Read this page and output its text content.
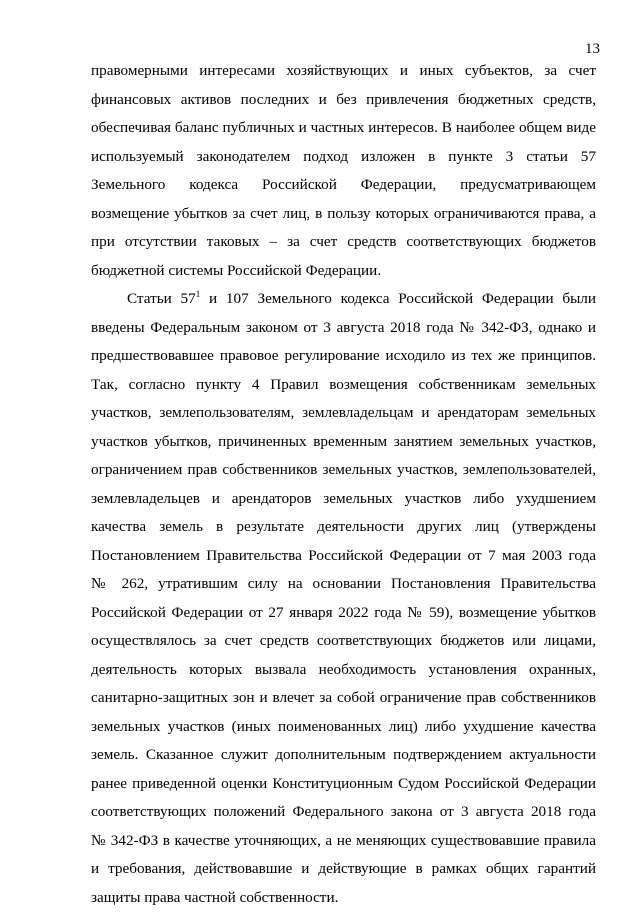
13
правомерными интересами хозяйствующих и иных субъектов, за счет
финансовых активов последних и без привлечения бюджетных средств,
обеспечивая баланс публичных и частных интересов. В наиболее общем виде
используемый законодателем подход изложен в пункте 3 статьи 57
Земельного кодекса Российской Федерации, предусматривающем
возмещение убытков за счет лиц, в пользу которых ограничиваются права, а
при отсутствии таковых – за счет средств соответствующих бюджетов
бюджетной системы Российской Федерации.
Статьи $57^1$ и 107 Земельного кодекса Российской Федерации были
введены Федеральным законом от 3 августа 2018 года № 342-ФЗ, однако и
предшествовавшее правовое регулирование исходило из тех же принципов.
Так, согласно пункту 4 Правил возмещения собственникам земельных
участков, землепользователям, землевладельцам и арендаторам земельных
участков убытков, причиненных временным занятием земельных участков,
ограничением прав собственников земельных участков, землепользователей,
землевладельцев и арендаторов земельных участков либо ухудшением
качества земель в результате деятельности других лиц (утверждены
Постановлением Правительства Российской Федерации от 7 мая 2003 года
№ 262, утратившим силу на основании Постановления Правительства
Российской Федерации от 27 января 2022 года № 59), возмещение убытков
осуществлялось за счет средств соответствующих бюджетов или лицами,
деятельность которых вызвала необходимость установления охранных,
санитарно-защитных зон и влечет за собой ограничение прав собственников
земельных участков (иных поименованных лиц) либо ухудшение качества
земель. Сказанное служит дополнительным подтверждением актуальности
ранее приведенной оценки Конституционным Судом Российской Федерации
соответствующих положений Федерального закона от 3 августа 2018 года
№ 342-ФЗ в качестве уточняющих, а не меняющих существовавшие правила
и требования, действовавшие и действующие в рамках общих гарантий
защиты права частной собственности.
